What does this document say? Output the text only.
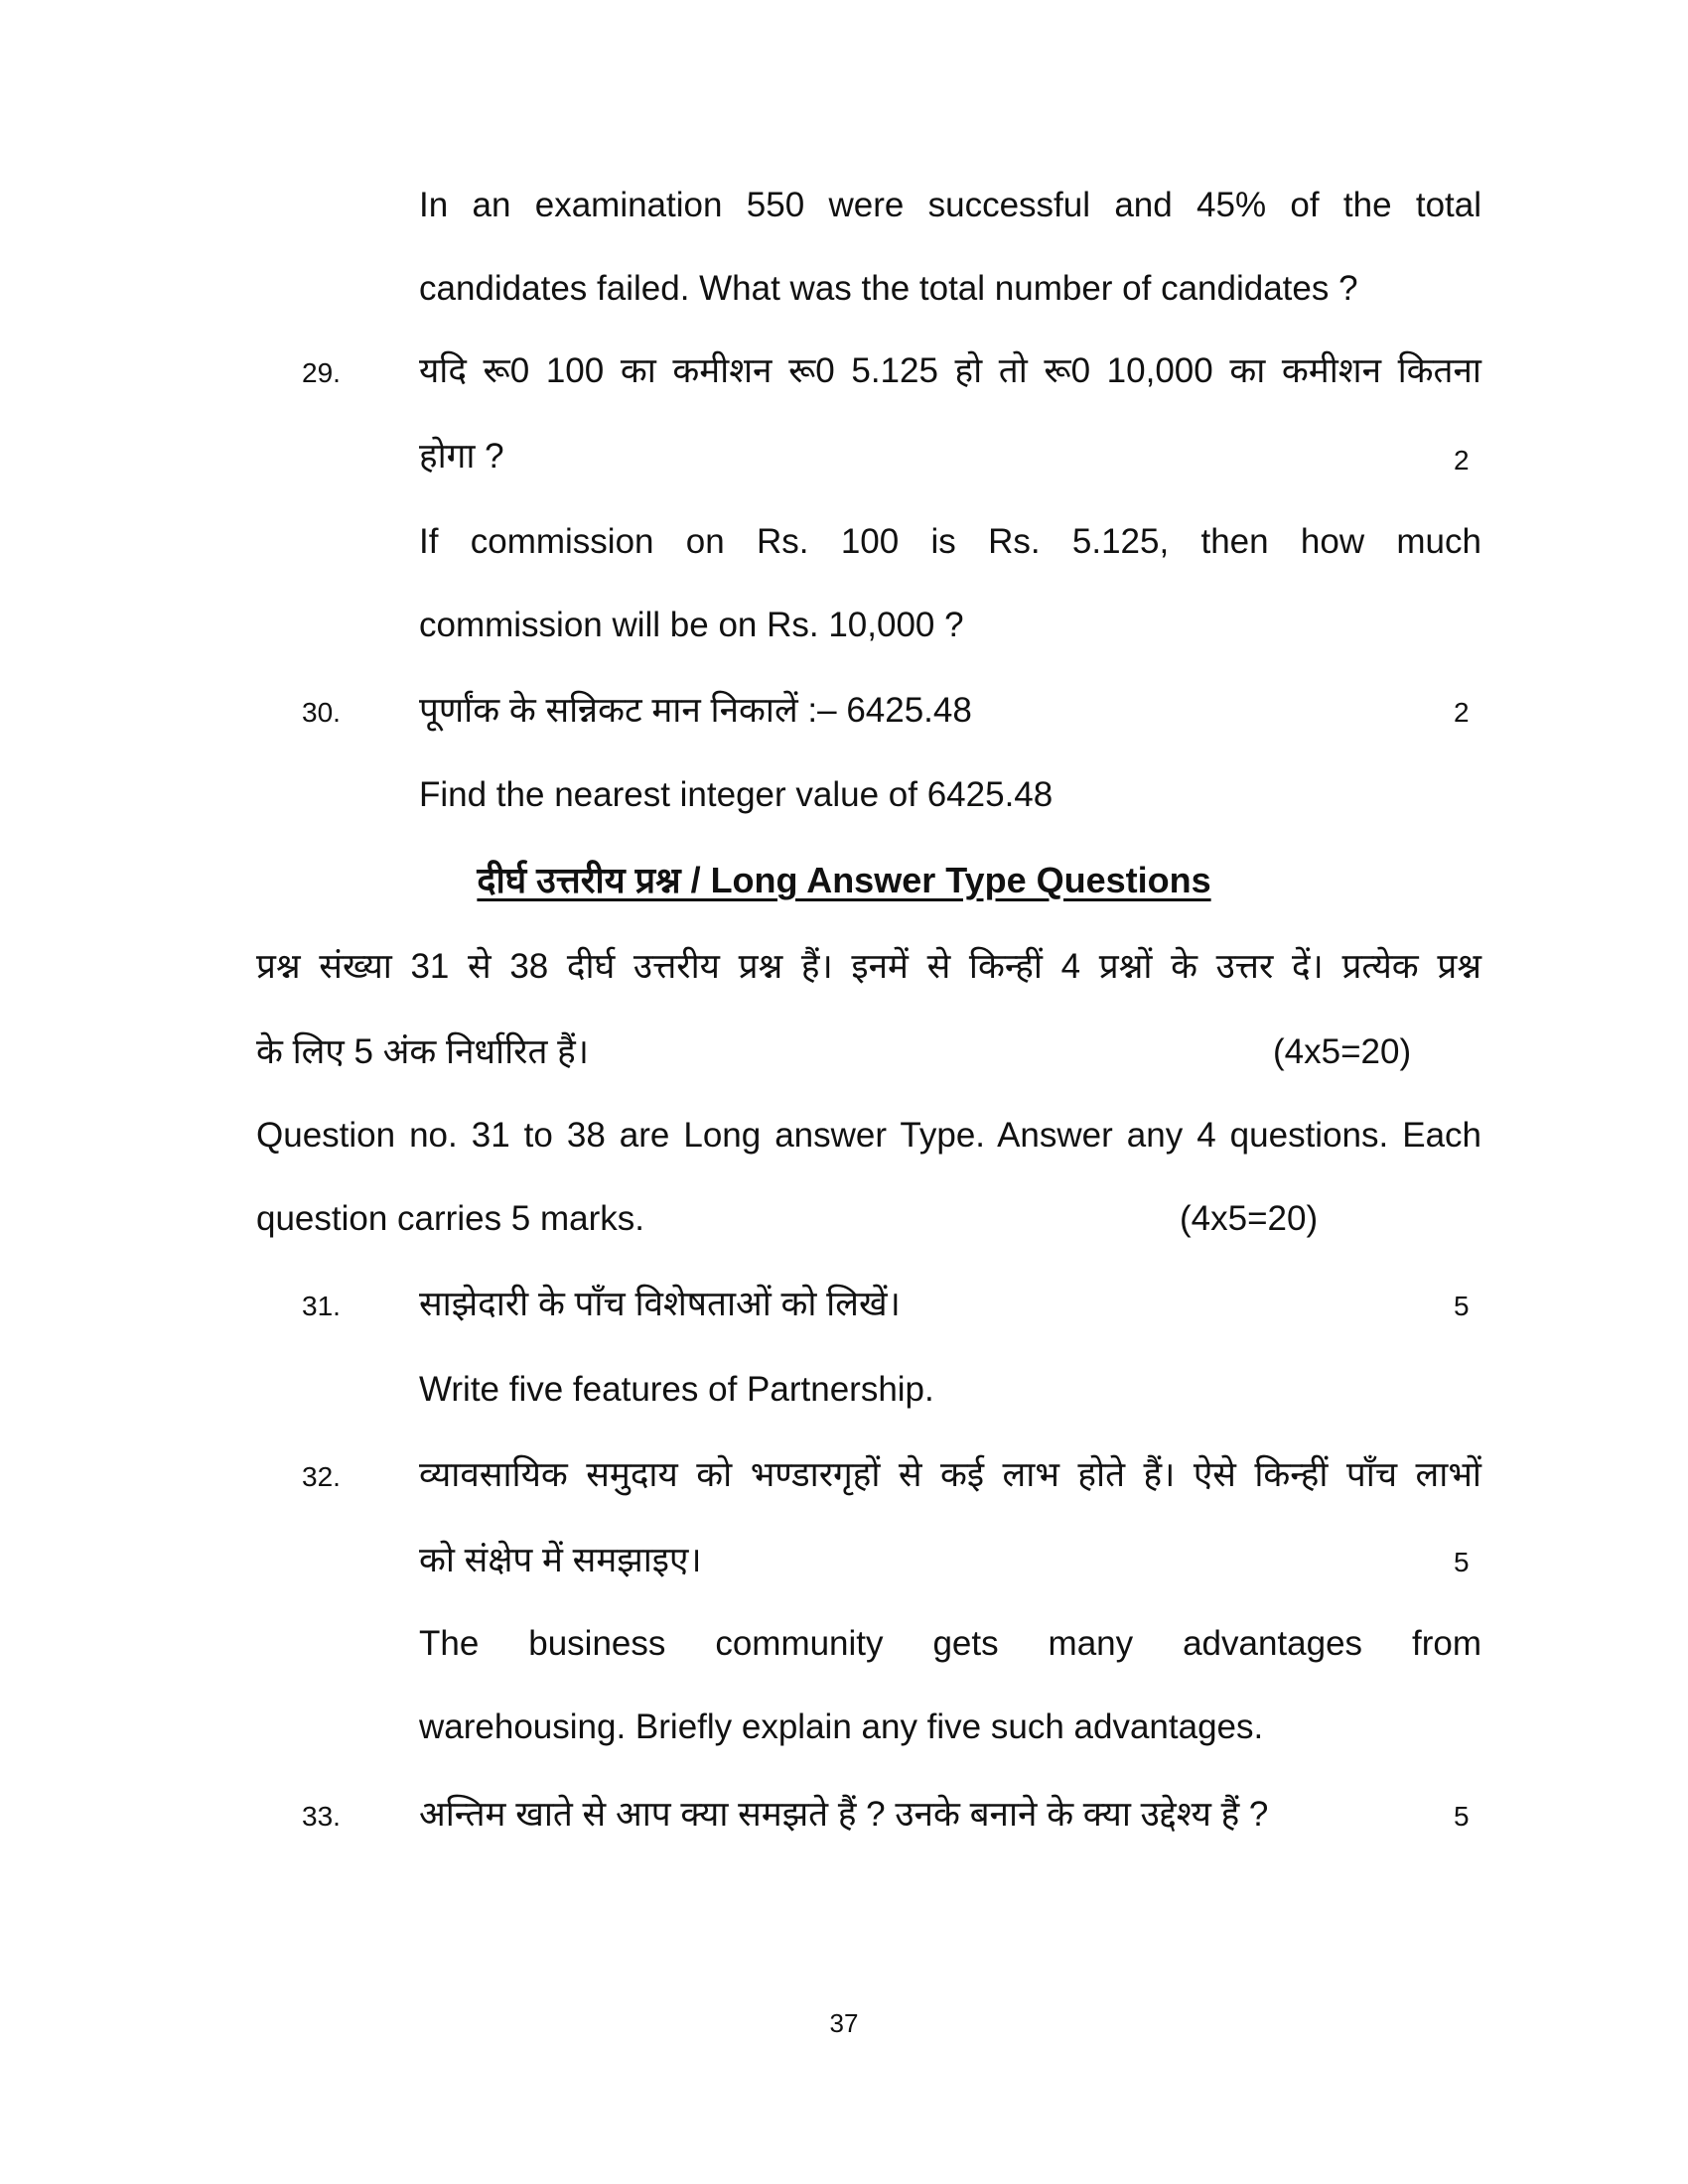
In an examination 550 were successful and 45% of the total
candidates failed. What was the total number of candidates ?
29. यदि रू0 100 का कमीशन रू0 5.125 हो तो रू0 10,000 का कमीशन कितना
होगा ?	2
If commission on Rs. 100 is Rs. 5.125, then how much
commission will be on Rs. 10,000 ?
30. पूर्णांक के सन्निकट मान निकालें :– 6425.48	2
Find the nearest integer value of 6425.48
दीर्घ उत्तरीय प्रश्न / Long Answer Type Questions
प्रश्न संख्या 31 से 38 दीर्घ उत्तरीय प्रश्न हैं। इनमें से किन्हीं 4 प्रश्नों के उत्तर दें। प्रत्येक प्रश्न
के लिए 5 अंक निर्धारित हैं।	(4x5=20)
Question no. 31 to 38 are Long answer Type. Answer any 4 questions. Each
question carries 5 marks.	(4x5=20)
31. साझेदारी के पाँच विशेषताओं को लिखें।	5
Write five features of Partnership.
32. व्यावसायिक समुदाय को भण्डारगृहों से कई लाभ होते हैं। ऐसे किन्हीं पाँच लाभों
को संक्षेप में समझाइए।	5
The business community gets many advantages from
warehousing. Briefly explain any five such advantages.
33. अन्तिम खाते से आप क्या समझते हैं ? उनके बनाने के क्या उद्देश्य हैं ?	5
37
